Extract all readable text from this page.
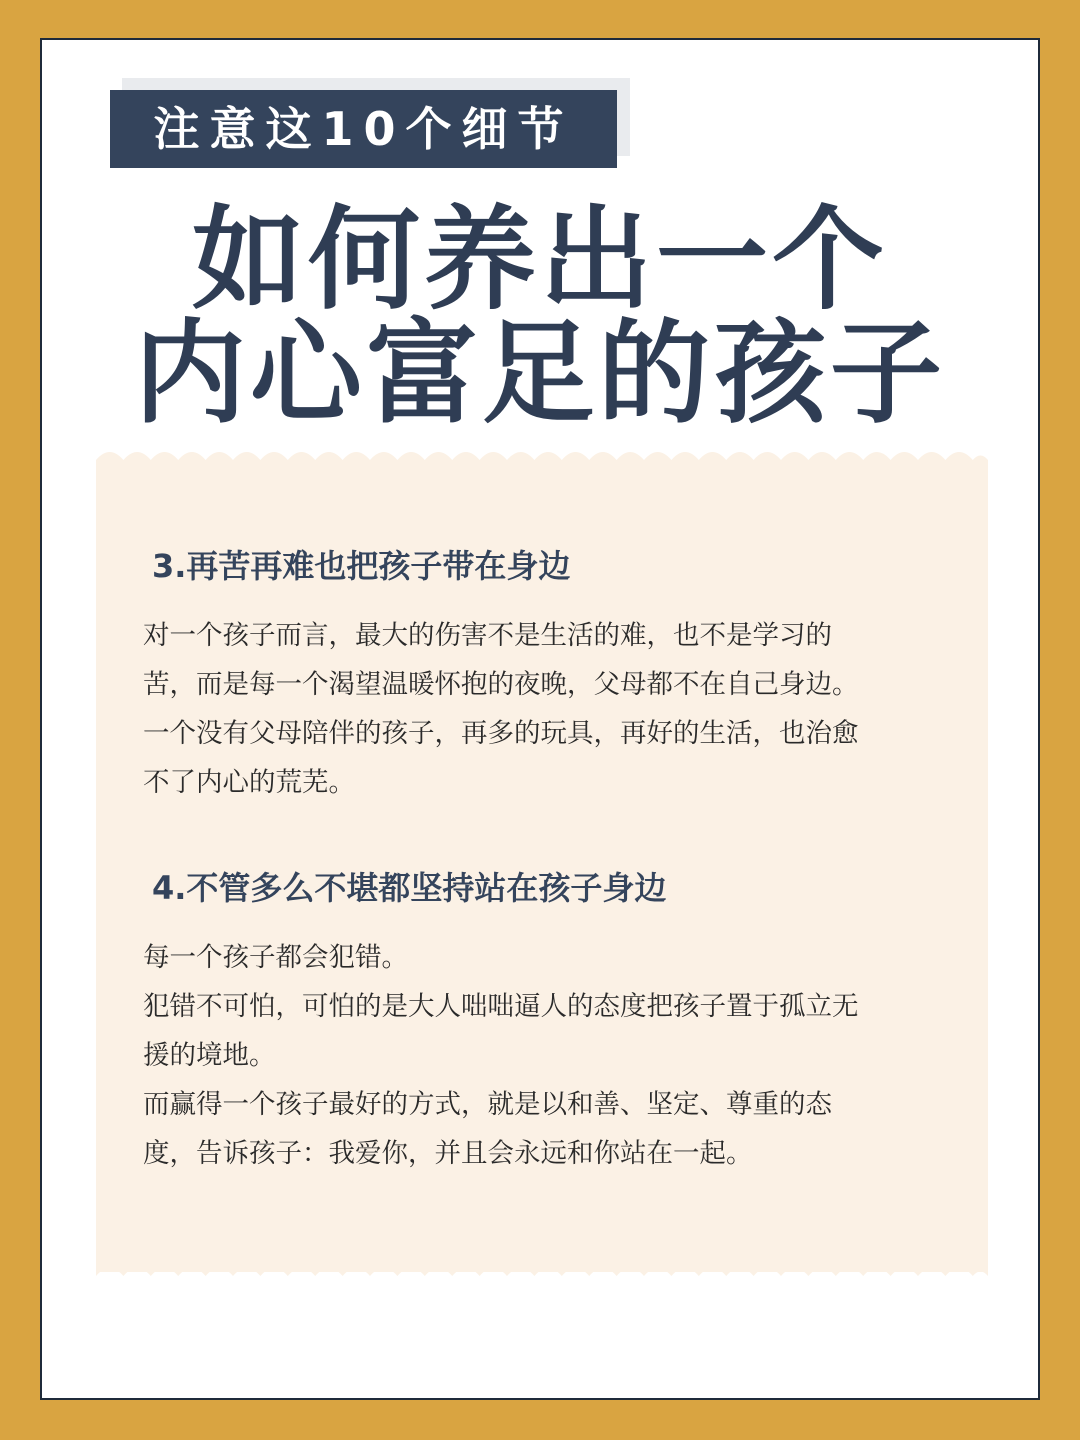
注意这10个细节
如何养出一个
内心富足的孩子
3.再苦再难也把孩子带在身边
对一个孩子而言，最大的伤害不是生活的难，也不是学习的
苦，而是每一个渴望温暖怀抱的夜晚，父母都不在自己身边。
一个没有父母陪伴的孩子，再多的玩具，再好的生活，也治愈
不了内心的荒芜。
4.不管多么不堪都坚持站在孩子身边
每一个孩子都会犯错。
犯错不可怕，可怕的是大人咄咄逼人的态度把孩子置于孤立无
援的境地。
而赢得一个孩子最好的方式，就是以和善、坚定、尊重的态
度，告诉孩子：我爱你，并且会永远和你站在一起。
